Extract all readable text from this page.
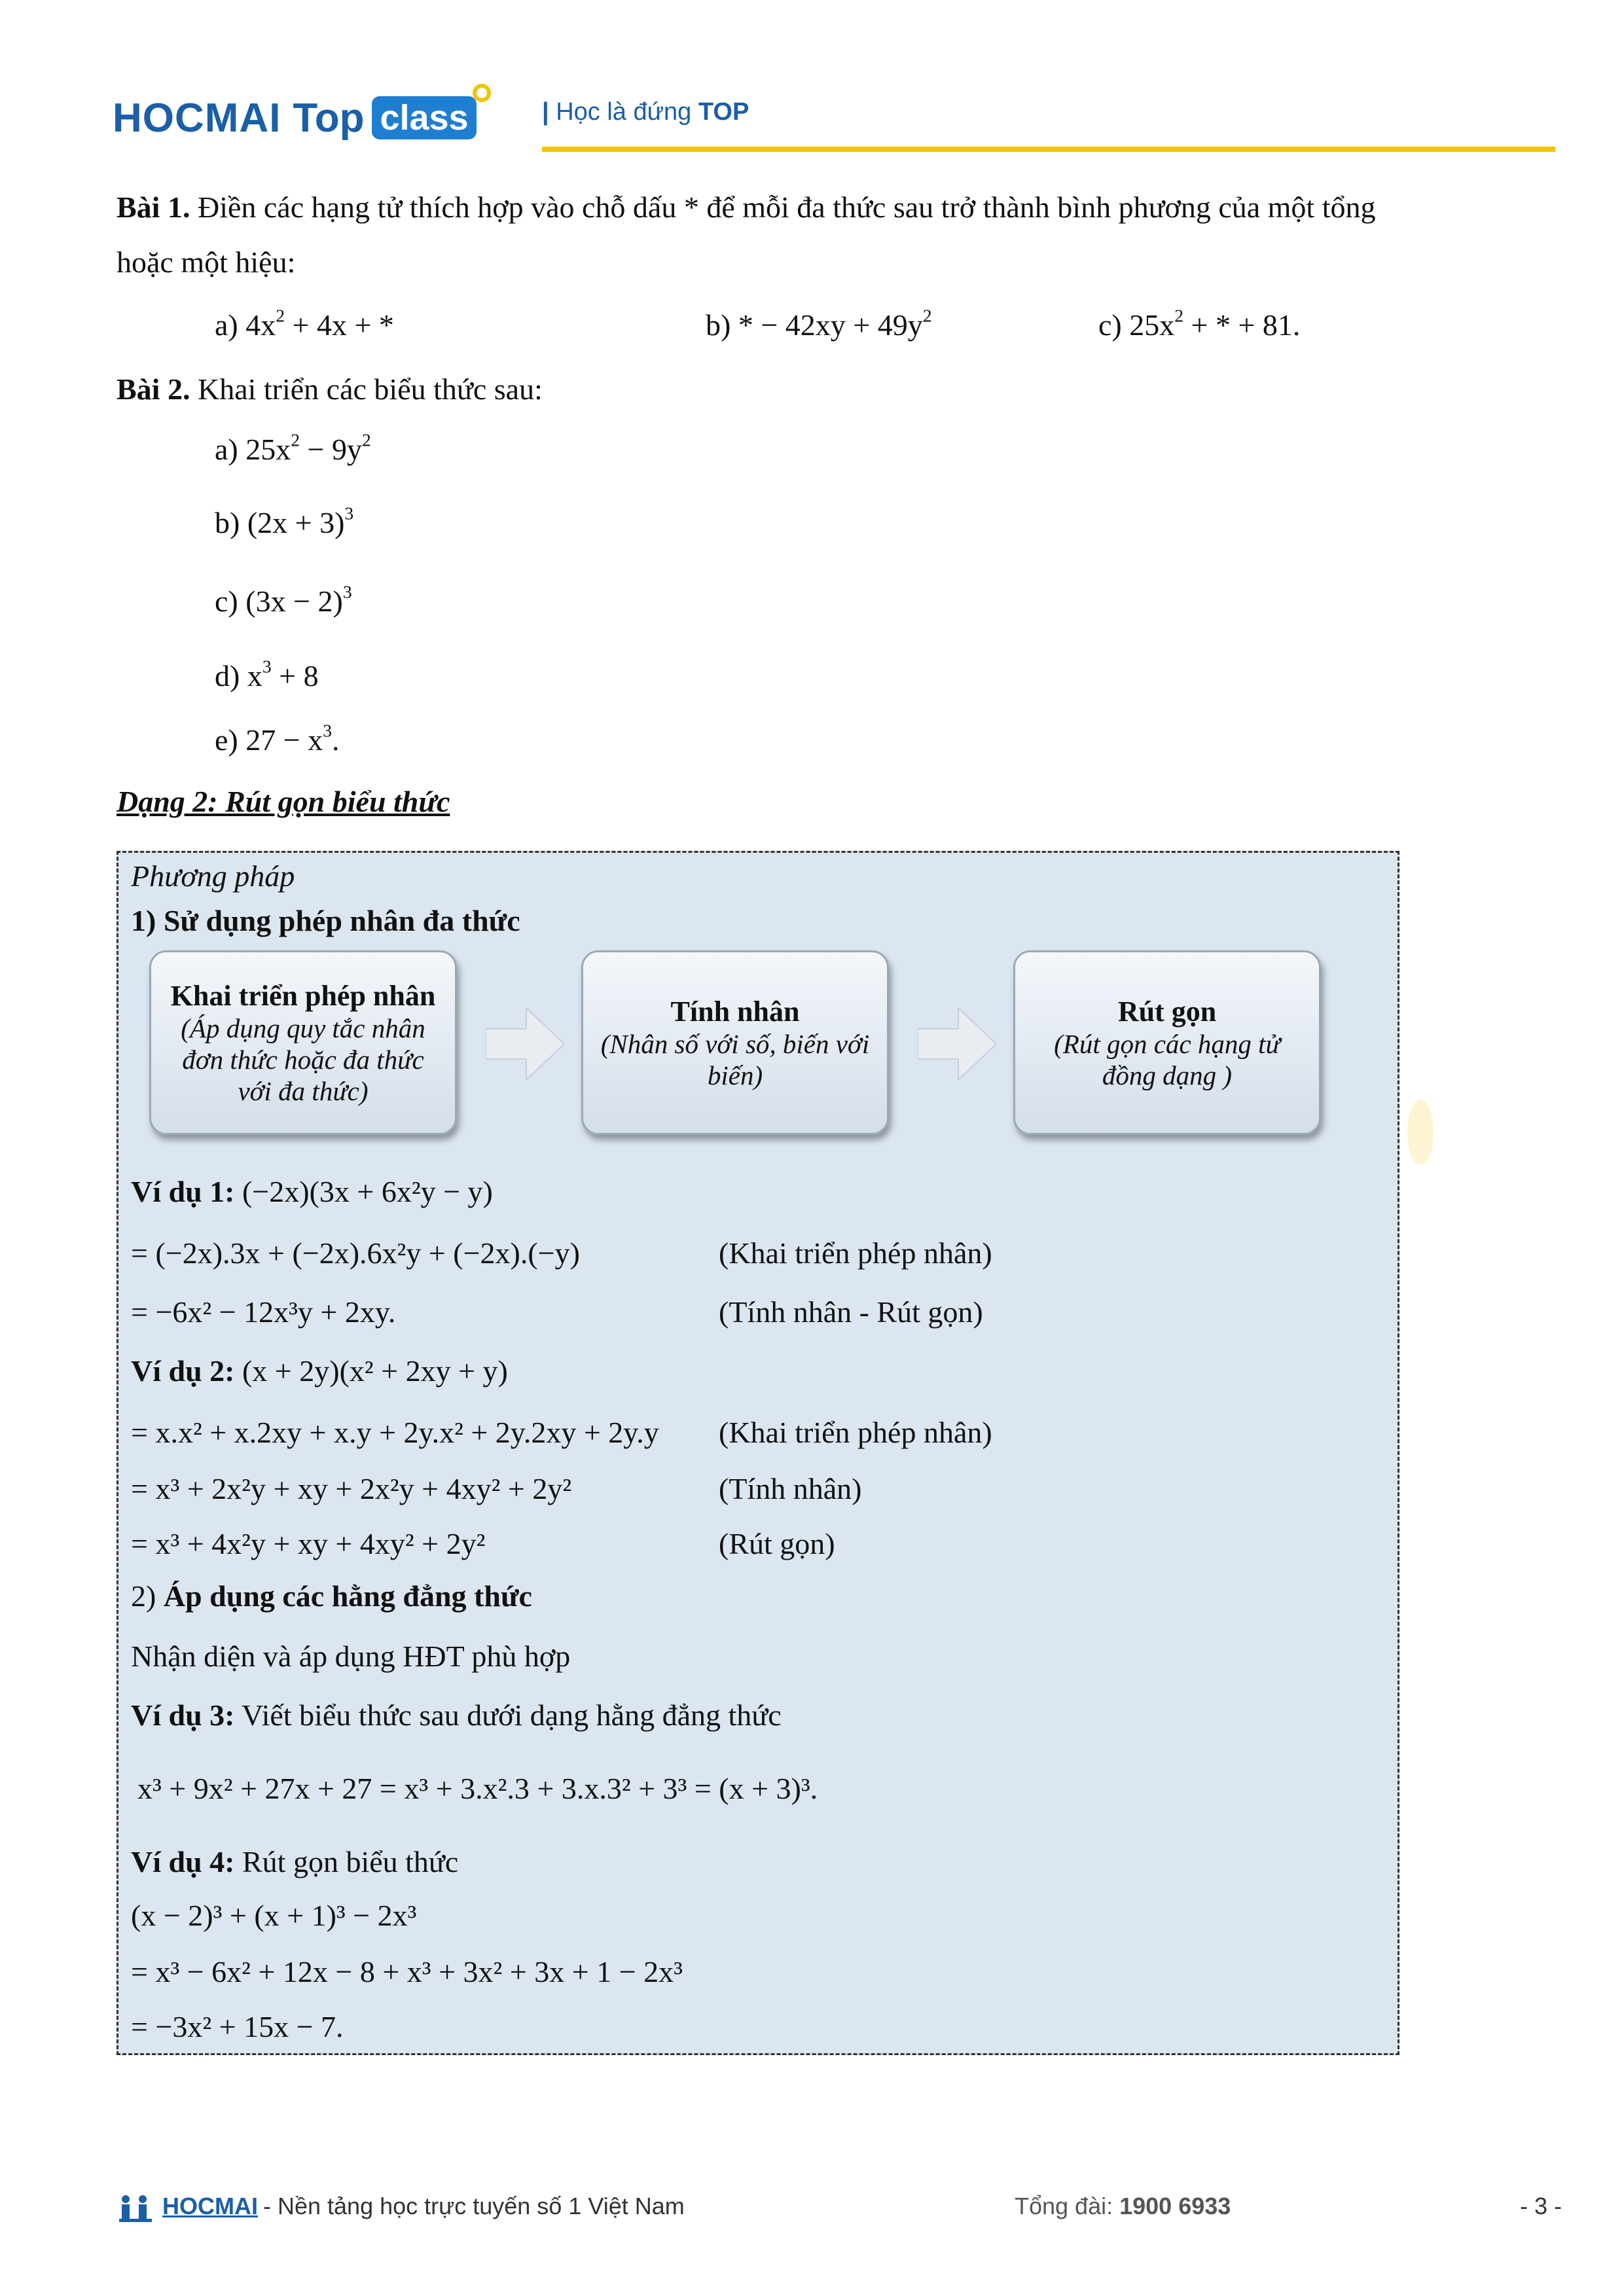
HOCMAI Top class	| Học là đứng TOP
Bài 1. Điền các hạng tử thích hợp vào chỗ dấu * để mỗi đa thức sau trở thành bình phương của một tổng
hoặc một hiệu:
a) $4x^2 + 4x$ + *	b) * − $42xy + 49y^2$	c) $25x^2$ + * + 81.
Bài 2. Khai triển các biểu thức sau:
a) $25x^2 - 9y^2$
b) $(2x + 3)^3$
c) $(3x - 2)^3$
d) $x^3 + 8$
e) $27 - x^3$.
Dạng 2: Rút gọn biểu thức
Phương pháp
1) Sử dụng phép nhân đa thức
Khai triển phép nhân
(Áp dụng quy tắc nhân đơn thức hoặc đa thức với đa thức)
Tính nhân
(Nhân số với số, biến với biến)
Rút gọn
(Rút gọn các hạng tử đồng dạng )
Ví dụ 1: (−2x)(3x + 6x²y − y)
= (−2x).3x + (−2x).6x²y + (−2x).(−y)	(Khai triển phép nhân)
= −6x² − 12x³y + 2xy.	(Tính nhân - Rút gọn)
Ví dụ 2: (x + 2y)(x² + 2xy + y)
= x.x² + x.2xy + x.y + 2y.x² + 2y.2xy + 2y.y (Khai triển phép nhân)
= x³ + 2x²y + xy + 2x²y + 4xy² + 2y²	(Tính nhân)
= x³ + 4x²y + xy + 4xy² + 2y²	(Rút gọn)
2) Áp dụng các hằng đẳng thức
Nhận diện và áp dụng HĐT phù hợp
Ví dụ 3: Viết biểu thức sau dưới dạng hằng đẳng thức
x³ + 9x² + 27x + 27 = x³ + 3.x².3 + 3.x.3² + 3³ = (x + 3)³.
Ví dụ 4: Rút gọn biểu thức
(x − 2)³ + (x + 1)³ − 2x³
= x³ − 6x² + 12x − 8 + x³ + 3x² + 3x + 1 − 2x³
= −3x² + 15x − 7.
HOCMAI - Nền tảng học trực tuyến số 1 Việt Nam	Tổng đài: 1900 6933	- 3 -
